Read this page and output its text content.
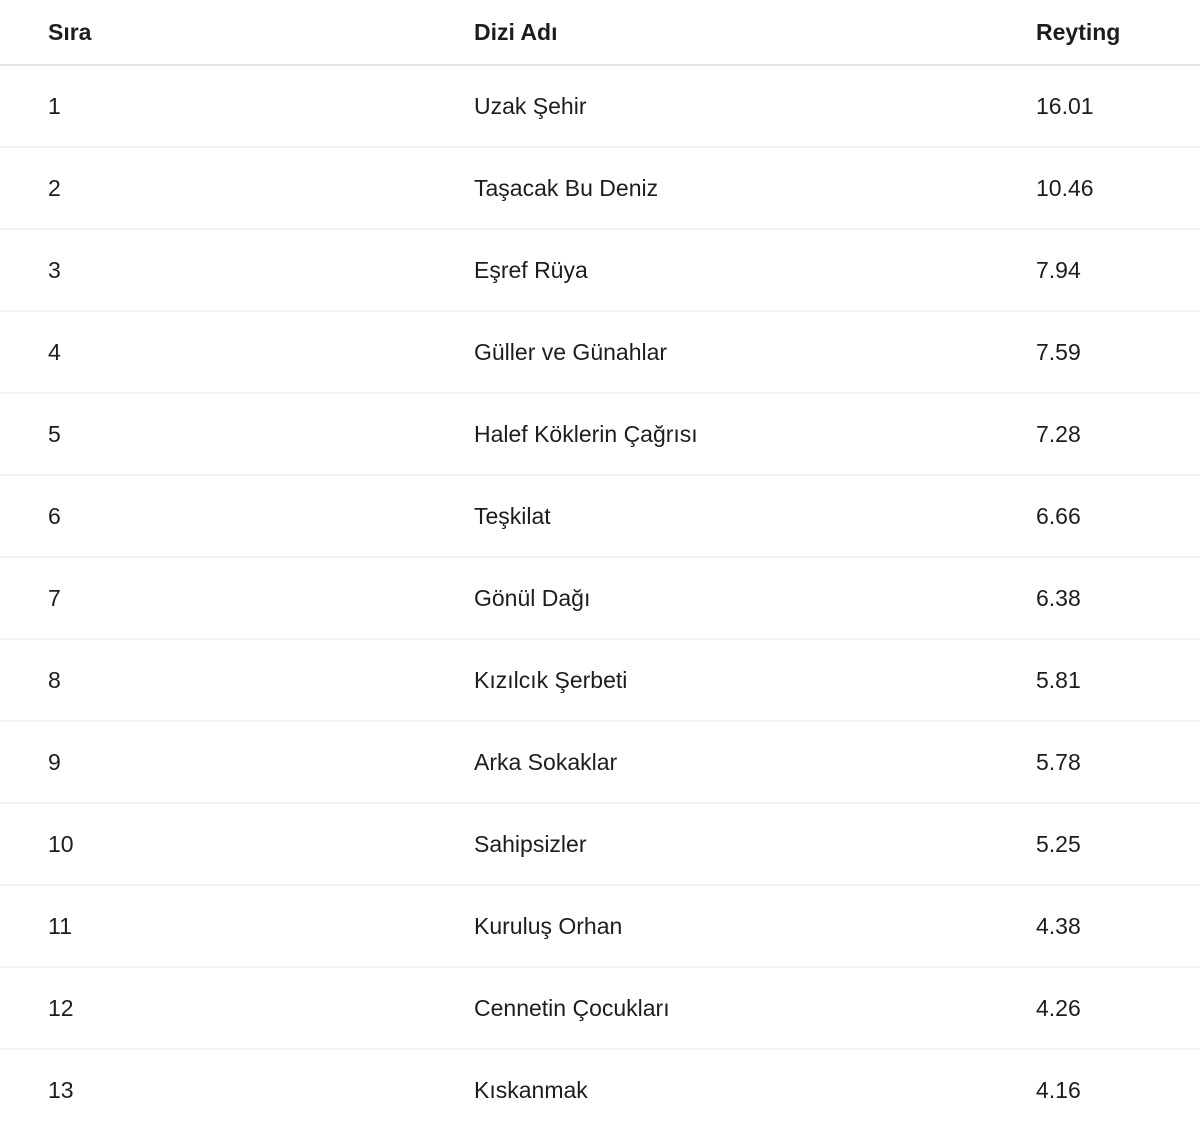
Sıra	Dizi Adı	Reyting
1	Uzak Şehir	16.01
2	Taşacak Bu Deniz	10.46
3	Eşref Rüya	7.94
4	Güller ve Günahlar	7.59
5	Halef Köklerin Çağrısı	7.28
6	Teşkilat	6.66
7	Gönül Dağı	6.38
8	Kızılcık Şerbeti	5.81
9	Arka Sokaklar	5.78
10	Sahipsizler	5.25
11	Kuruluş Orhan	4.38
12	Cennetin Çocukları	4.26
13	Kıskanmak	4.16
